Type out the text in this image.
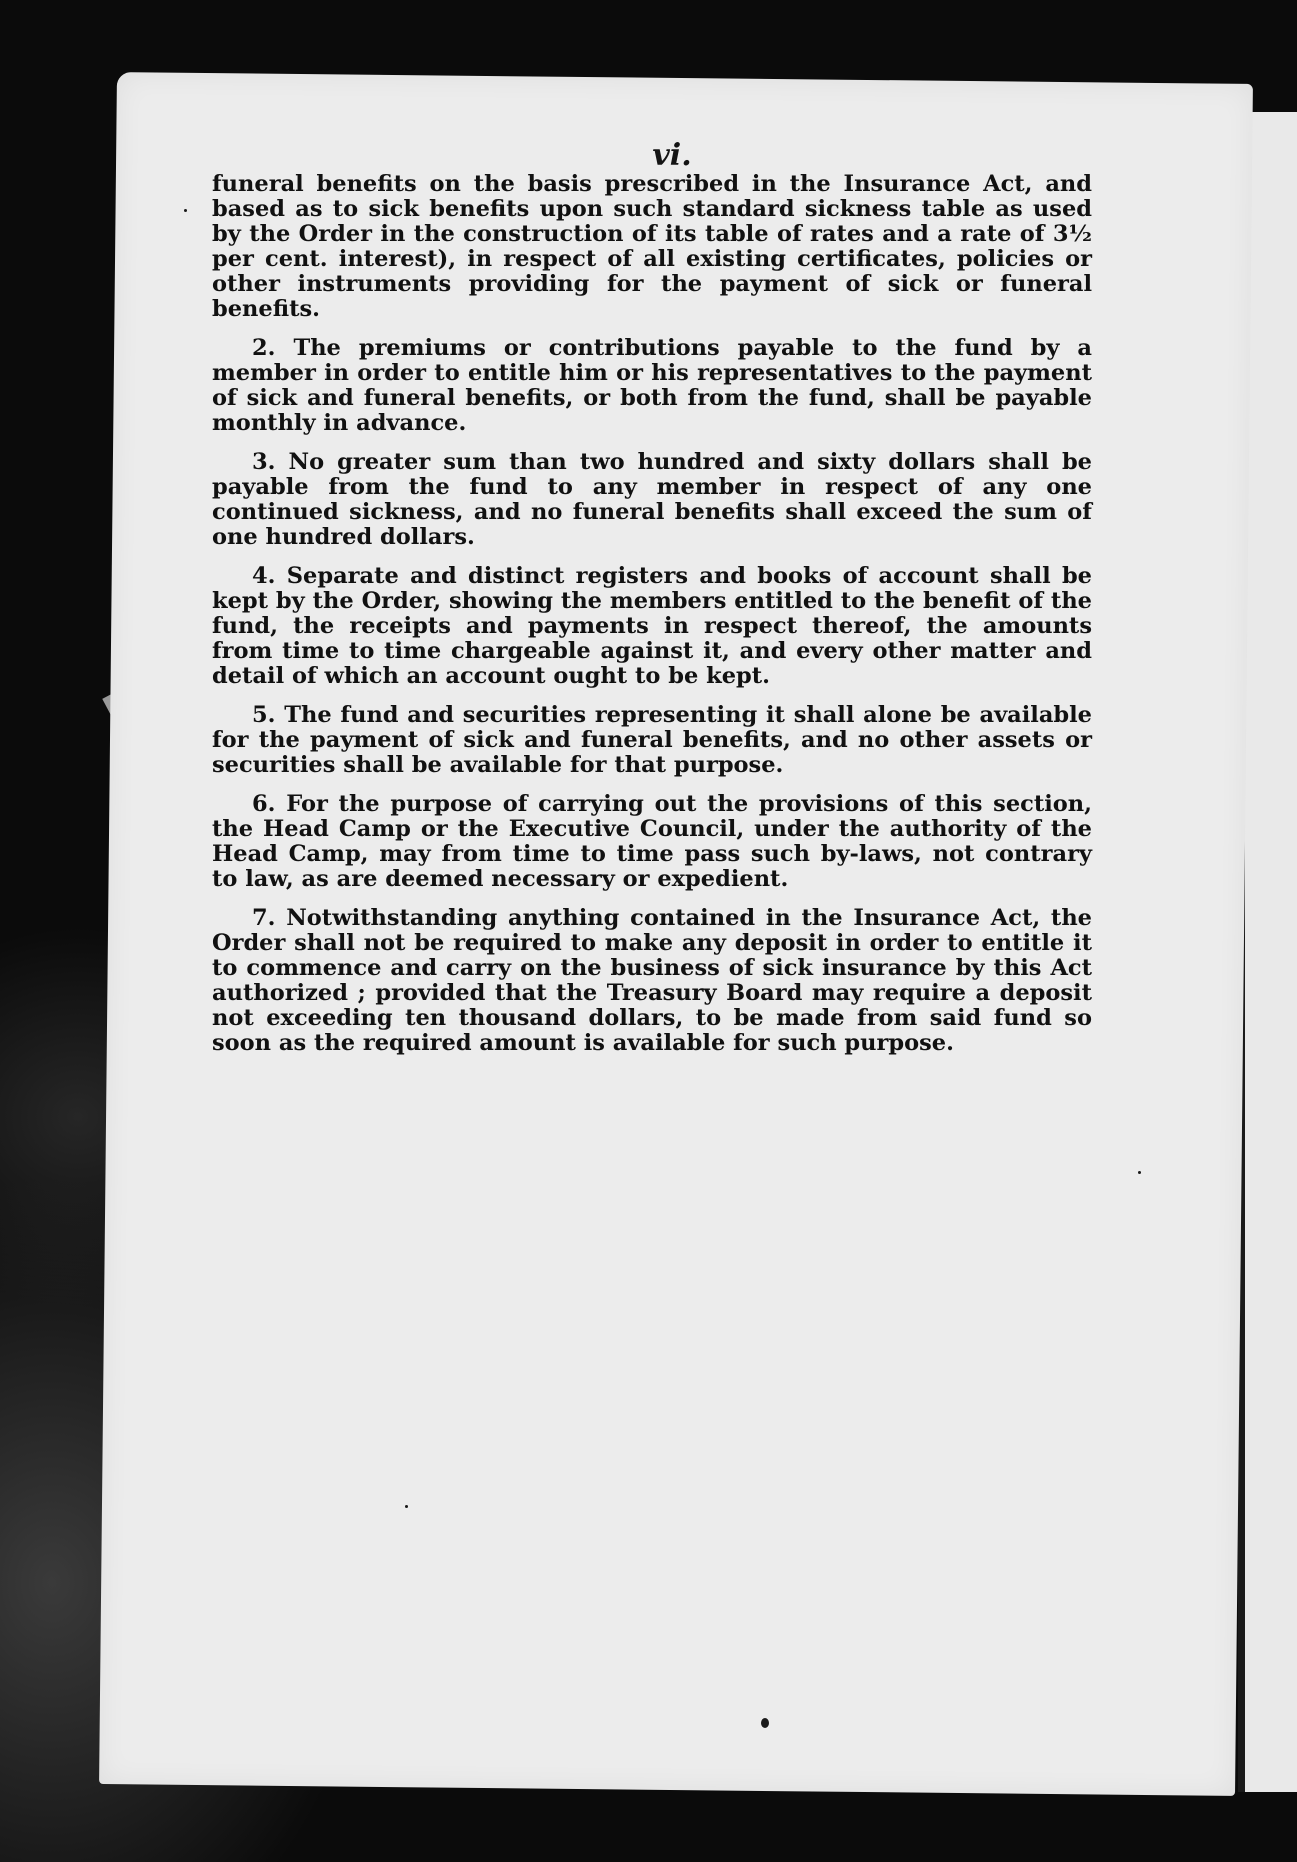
vi.

funeral benefits on the basis prescribed in the Insurance Act, and based as to sick benefits upon such standard sickness table as used by the Order in the construction of its table of rates and a rate of 3½ per cent. interest), in respect of all existing certificates, policies or other instruments providing for the payment of sick or funeral benefits.

2. The premiums or contributions payable to the fund by a member in order to entitle him or his representatives to the payment of sick and funeral benefits, or both from the fund, shall be payable monthly in advance.

3. No greater sum than two hundred and sixty dollars shall be payable from the fund to any member in respect of any one continued sickness, and no funeral benefits shall exceed the sum of one hundred dollars.

4. Separate and distinct registers and books of account shall be kept by the Order, showing the members entitled to the benefit of the fund, the receipts and payments in respect thereof, the amounts from time to time chargeable against it, and every other matter and detail of which an account ought to be kept.

5. The fund and securities representing it shall alone be available for the payment of sick and funeral benefits, and no other assets or securities shall be available for that purpose.

6. For the purpose of carrying out the provisions of this section, the Head Camp or the Executive Council, under the authority of the Head Camp, may from time to time pass such by-laws, not contrary to law, as are deemed necessary or expedient.

7. Notwithstanding anything contained in the Insurance Act, the Order shall not be required to make any deposit in order to entitle it to commence and carry on the business of sick insurance by this Act authorized ; provided that the Treasury Board may require a deposit not exceeding ten thousand dollars, to be made from said fund so soon as the required amount is available for such purpose.
